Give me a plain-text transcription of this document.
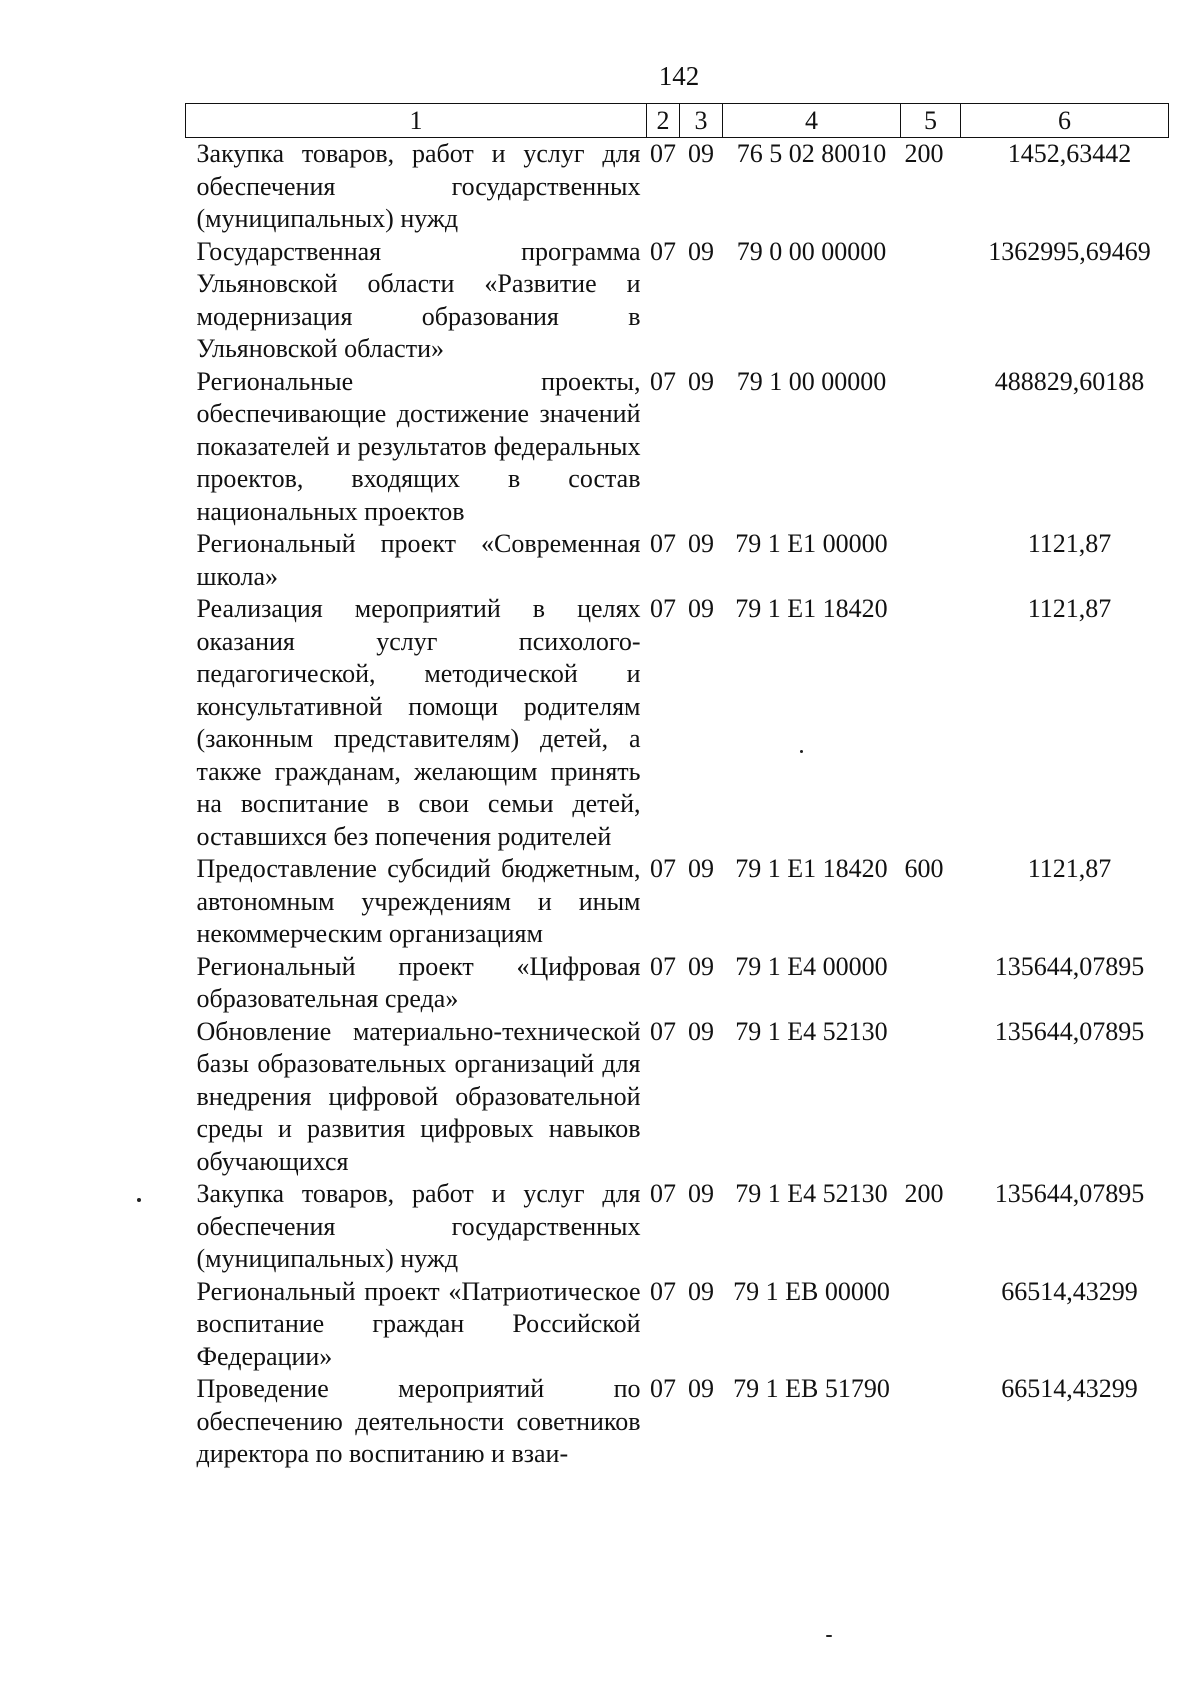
142
1	2	3	4	5	6
Закупка товаров, работ и услуг для обеспечения государственных (муниципальных) нужд	07	09	76 5 02 80010	200	1452,63442
Государственная программа Ульяновской области «Развитие и модернизация образования в Ульяновской области»	07	09	79 0 00 00000		1362995,69469
Региональные проекты, обеспечивающие достижение значений показателей и результатов федеральных проектов, входящих в состав национальных проектов	07	09	79 1 00 00000		488829,60188
Региональный проект «Современная школа»	07	09	79 1 E1 00000		1121,87
Реализация мероприятий в целях оказания услуг психолого-педагогической, методической и консультативной помощи родителям (законным представителям) детей, а также гражданам, желающим принять на воспитание в свои семьи детей, оставшихся без попечения родителей	07	09	79 1 E1 18420		1121,87
Предоставление субсидий бюджетным, автономным учреждениям и иным некоммерческим организациям	07	09	79 1 E1 18420	600	1121,87
Региональный проект «Цифровая образовательная среда»	07	09	79 1 E4 00000		135644,07895
Обновление материально-технической базы образовательных организаций для внедрения цифровой образовательной среды и развития цифровых навыков обучающихся	07	09	79 1 E4 52130		135644,07895
Закупка товаров, работ и услуг для обеспечения государственных (муниципальных) нужд	07	09	79 1 E4 52130	200	135644,07895
Региональный проект «Патриотическое воспитание граждан Российской Федерации»	07	09	79 1 EB 00000		66514,43299
Проведение мероприятий по обеспечению деятельности советников директора по воспитанию и взаи-	07	09	79 1 EB 51790		66514,43299
